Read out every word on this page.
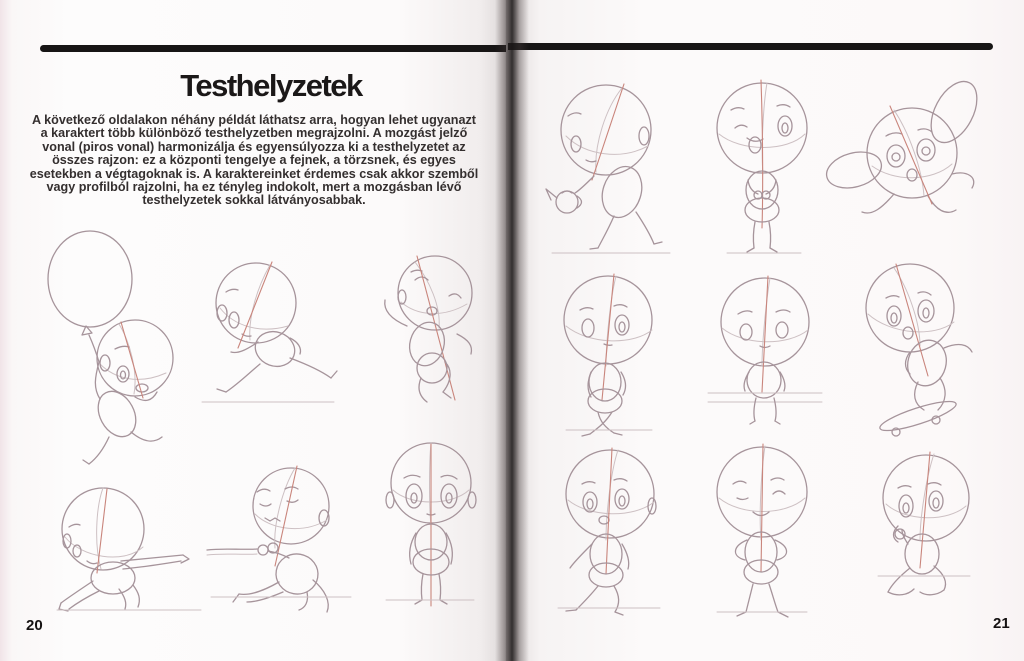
Testhelyzetek
A következő oldalakon néhány példát láthatsz arra, hogyan lehet ugyanazt a karaktert több különböző testhelyzetben megrajzolni. A mozgást jelző vonal (piros vonal) harmonizálja és egyensúlyozza ki a testhelyzetet az összes rajzon: ez a központi tengelye a fejnek, a törzsnek, és egyes esetekben a végtagoknak is. A karaktereinket érdemes csak akkor szemből vagy profilból rajzolni, ha ez tényleg indokolt, mert a mozgásban lévő testhelyzetek sokkal látványosabbak.
20	21
